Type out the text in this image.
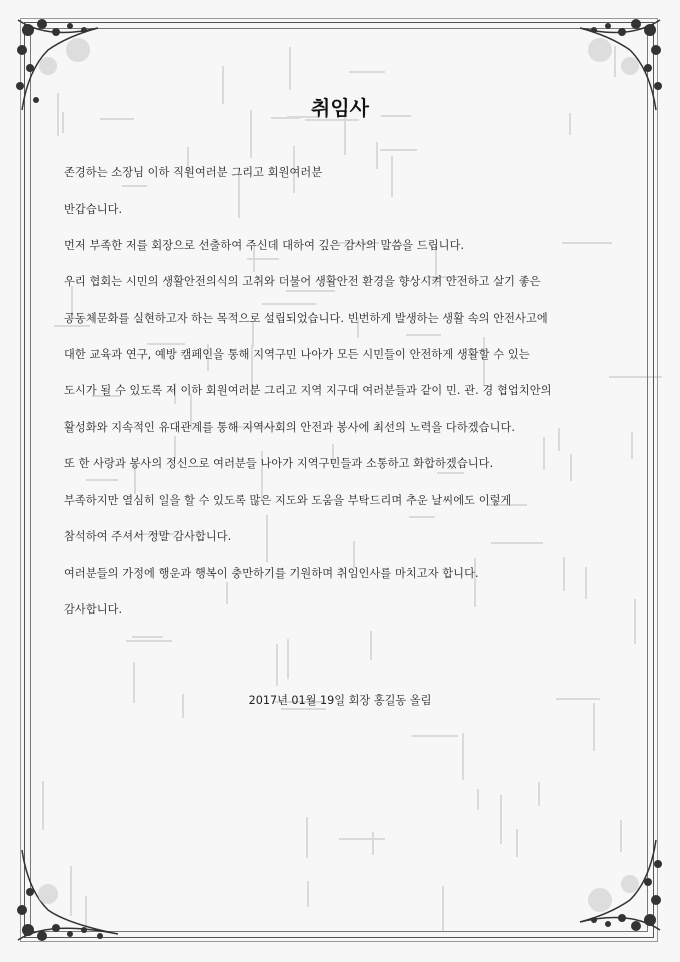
취임사

존경하는 소장님 이하 직원여러분 그리고 회원여러분

반갑습니다.

먼저 부족한 저를 회장으로 선출하여 주신데 대하여 깊은 감사의 말씀을 드립니다.

우리 협회는 시민의 생활안전의식의 고취와 더불어 생활안전 환경을 향상시켜 안전하고 살기 좋은

공동체문화를 실현하고자 하는 목적으로 설립되었습니다. 빈번하게 발생하는 생활 속의 안전사고에

대한 교육과 연구, 예방 캠페인을 통해 지역구민 나아가 모든 시민들이 안전하게 생활할 수 있는

도시가 될 수 있도록 저 이하 회원여러분 그리고 지역 지구대 여러분들과 같이 민. 관. 경 협업치안의

활성화와 지속적인 유대관계를 통해 지역사회의 안전과 봉사에 최선의 노력을 다하겠습니다.

또 한 사랑과 봉사의 정신으로 여러분들 나아가 지역구민들과 소통하고 화합하겠습니다.

부족하지만 열심히 일을 할 수 있도록 많은 지도와 도움을 부탁드리며 추운 날씨에도 이렇게

참석하여 주셔서 정말 감사합니다.

여러분들의 가정에 행운과 행복이 충만하기를 기원하며 취임인사를 마치고자 합니다.

감사합니다.

2017년 01월 19일 회장 홍길동 올림
